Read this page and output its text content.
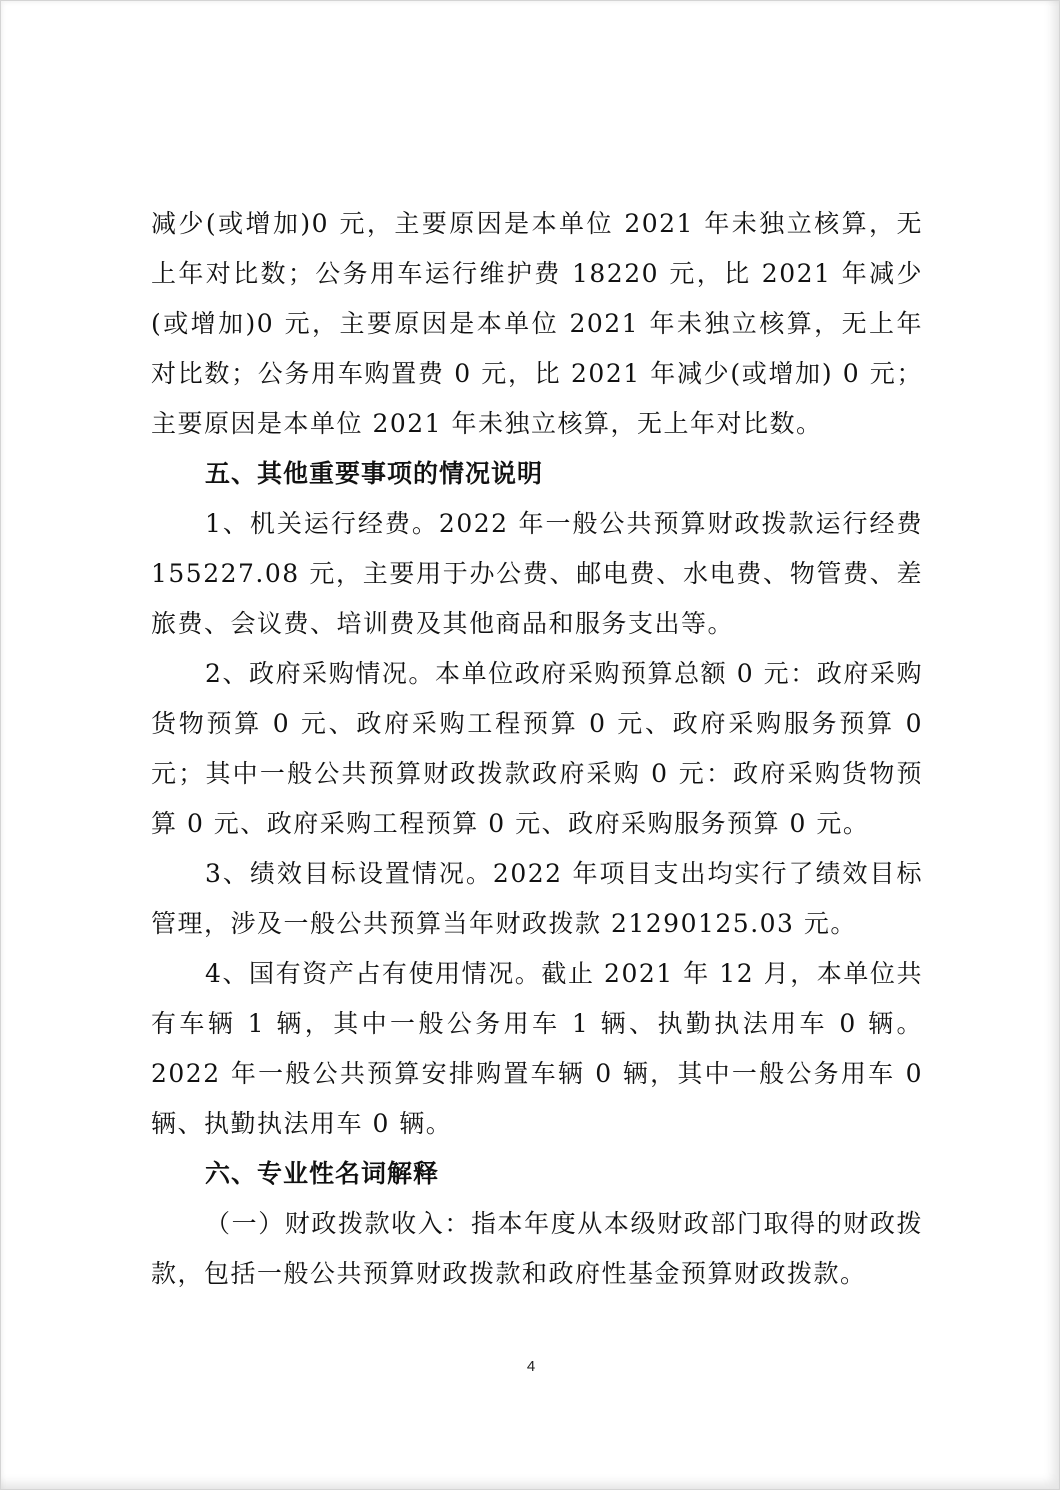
减少(或增加)0 元，主要原因是本单位 2021 年未独立核算，无上年对比数；公务用车运行维护费 18220 元，比 2021 年减少(或增加)0 元，主要原因是本单位 2021 年未独立核算，无上年对比数；公务用车购置费 0 元，比 2021 年减少(或增加) 0 元；主要原因是本单位 2021 年未独立核算，无上年对比数。

五、其他重要事项的情况说明

1、机关运行经费。2022 年一般公共预算财政拨款运行经费 155227.08 元，主要用于办公费、邮电费、水电费、物管费、差旅费、会议费、培训费及其他商品和服务支出等。

2、政府采购情况。本单位政府采购预算总额 0 元：政府采购货物预算 0 元、政府采购工程预算 0 元、政府采购服务预算 0 元；其中一般公共预算财政拨款政府采购 0 元：政府采购货物预算 0 元、政府采购工程预算 0 元、政府采购服务预算 0 元。

3、绩效目标设置情况。2022 年项目支出均实行了绩效目标管理，涉及一般公共预算当年财政拨款 21290125.03 元。

4、国有资产占有使用情况。截止 2021 年 12 月，本单位共有车辆 1 辆，其中一般公务用车 1 辆、执勤执法用车 0 辆。2022 年一般公共预算安排购置车辆 0 辆，其中一般公务用车 0 辆、执勤执法用车 0 辆。

六、专业性名词解释

（一）财政拨款收入：指本年度从本级财政部门取得的财政拨款，包括一般公共预算财政拨款和政府性基金预算财政拨款。

4
